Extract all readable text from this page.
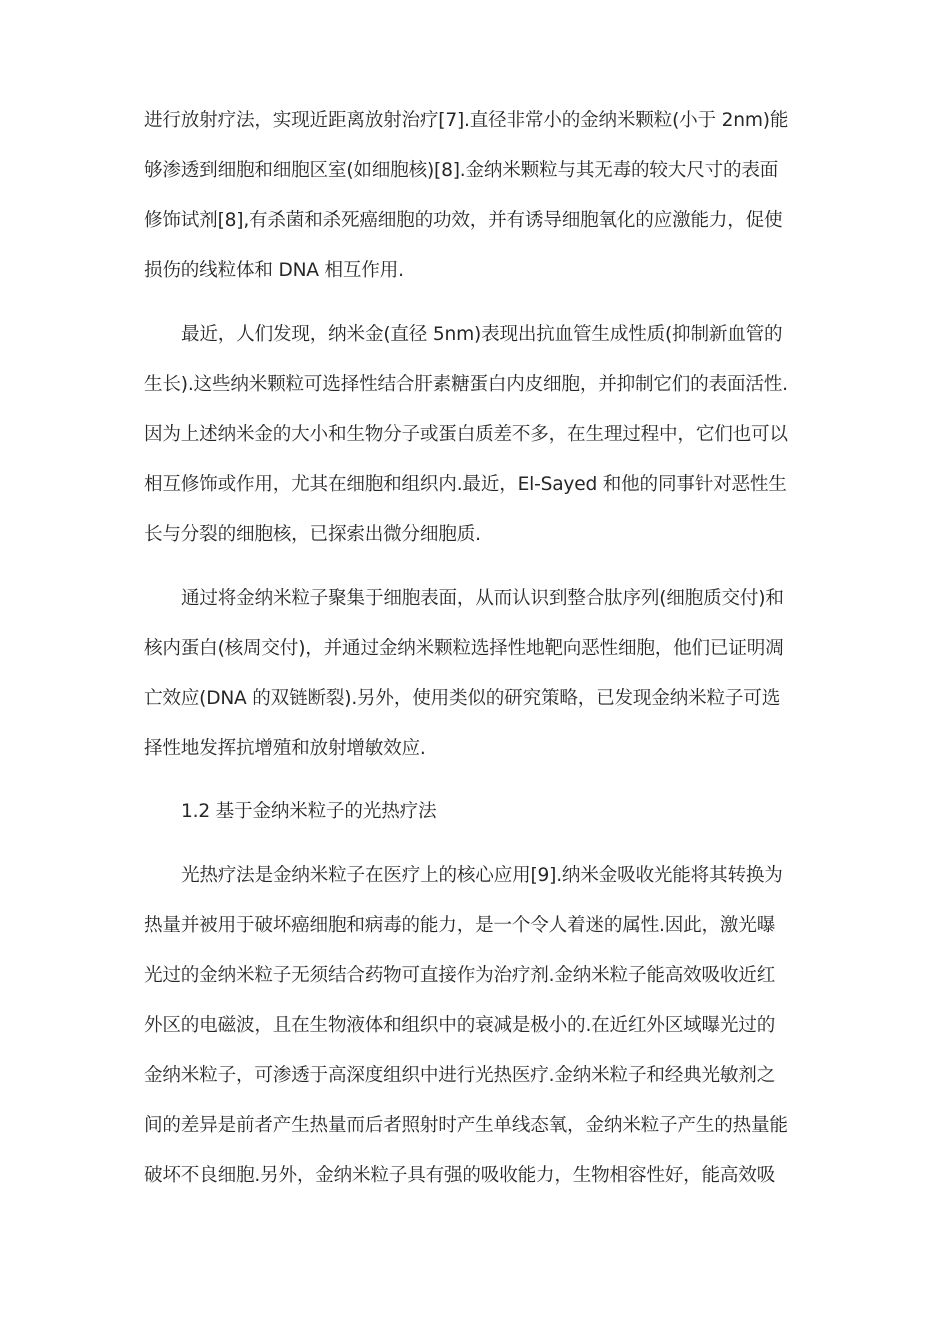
进行放射疗法，实现近距离放射治疗[7].直径非常小的金纳米颗粒(小于 2nm)能
够渗透到细胞和细胞区室(如细胞核)[8].金纳米颗粒与其无毒的较大尺寸的表面
修饰试剂[8],有杀菌和杀死癌细胞的功效，并有诱导细胞氧化的应激能力，促使
损伤的线粒体和 DNA 相互作用.
最近，人们发现，纳米金(直径 5nm)表现出抗血管生成性质(抑制新血管的
生长).这些纳米颗粒可选择性结合肝素糖蛋白内皮细胞，并抑制它们的表面活性.
因为上述纳米金的大小和生物分子或蛋白质差不多，在生理过程中，它们也可以
相互修饰或作用，尤其在细胞和组织内.最近，El-Sayed 和他的同事针对恶性生
长与分裂的细胞核，已探索出微分细胞质.
通过将金纳米粒子聚集于细胞表面，从而认识到整合肽序列(细胞质交付)和
核内蛋白(核周交付)，并通过金纳米颗粒选择性地靶向恶性细胞，他们已证明凋
亡效应(DNA 的双链断裂).另外，使用类似的研究策略，已发现金纳米粒子可选
择性地发挥抗增殖和放射增敏效应.
1.2 基于金纳米粒子的光热疗法
光热疗法是金纳米粒子在医疗上的核心应用[9].纳米金吸收光能将其转换为
热量并被用于破坏癌细胞和病毒的能力，是一个令人着迷的属性.因此，激光曝
光过的金纳米粒子无须结合药物可直接作为治疗剂.金纳米粒子能高效吸收近红
外区的电磁波，且在生物液体和组织中的衰减是极小的.在近红外区域曝光过的
金纳米粒子，可渗透于高深度组织中进行光热医疗.金纳米粒子和经典光敏剂之
间的差异是前者产生热量而后者照射时产生单线态氧，金纳米粒子产生的热量能
破坏不良细胞.另外，金纳米粒子具有强的吸收能力，生物相容性好，能高效吸
